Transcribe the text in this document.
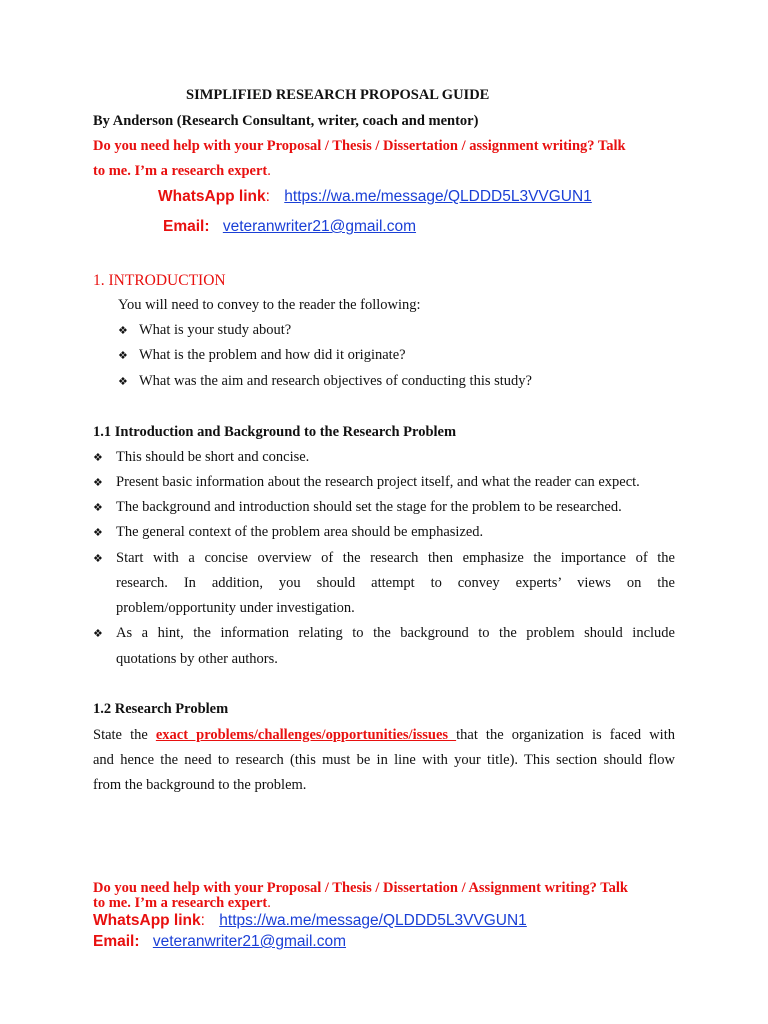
SIMPLIFIED RESEARCH PROPOSAL GUIDE
By Anderson (Research Consultant, writer, coach and mentor)
Do you need help with your Proposal / Thesis / Dissertation / assignment writing? Talk
to me. I’m a research expert.
WhatsApp link: https://wa.me/message/QLDDD5L3VVGUN1
Email: veteranwriter21@gmail.com
1. INTRODUCTION
You will need to convey to the reader the following:
❖ What is your study about?
❖ What is the problem and how did it originate?
❖ What was the aim and research objectives of conducting this study?
1.1 Introduction and Background to the Research Problem
❖ This should be short and concise.
❖ Present basic information about the research project itself, and what the reader can expect.
❖ The background and introduction should set the stage for the problem to be researched.
❖ The general context of the problem area should be emphasized.
❖ Start with a concise overview of the research then emphasize the importance of the
research. In addition, you should attempt to convey experts’ views on the
problem/opportunity under investigation.
❖ As a hint, the information relating to the background to the problem should include
quotations by other authors.
1.2 Research Problem
State the exact problems/challenges/opportunities/issues that the organization is faced with
and hence the need to research (this must be in line with your title). This section should flow
from the background to the problem.
Do you need help with your Proposal / Thesis / Dissertation / Assignment writing? Talk
to me. I’m a research expert.
WhatsApp link: https://wa.me/message/QLDDD5L3VVGUN1
Email: veteranwriter21@gmail.com
